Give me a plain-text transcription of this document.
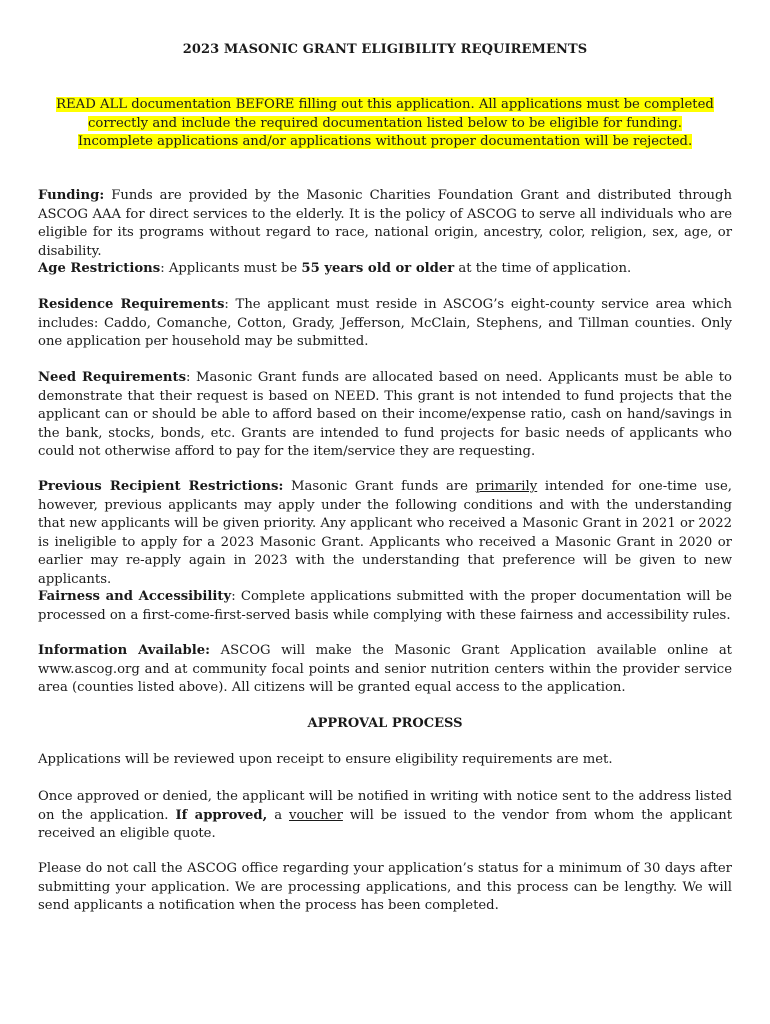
2023 MASONIC GRANT ELIGIBILITY REQUIREMENTS
READ ALL documentation BEFORE filling out this application. All applications must be completed
correctly and include the required documentation listed below to be eligible for funding.
Incomplete applications and/or applications without proper documentation will be rejected.
Funding: Funds are provided by the Masonic Charities Foundation Grant and distributed through ASCOG AAA for direct services to the elderly. It is the policy of ASCOG to serve all individuals who are eligible for its programs without regard to race, national origin, ancestry, color, religion, sex, age, or disability.
Age Restrictions: Applicants must be 55 years old or older at the time of application.
Residence Requirements: The applicant must reside in ASCOG’s eight-county service area which includes: Caddo, Comanche, Cotton, Grady, Jefferson, McClain, Stephens, and Tillman counties. Only one application per household may be submitted.
Need Requirements: Masonic Grant funds are allocated based on need. Applicants must be able to demonstrate that their request is based on NEED. This grant is not intended to fund projects that the applicant can or should be able to afford based on their income/expense ratio, cash on hand/savings in the bank, stocks, bonds, etc. Grants are intended to fund projects for basic needs of applicants who could not otherwise afford to pay for the item/service they are requesting.
Previous Recipient Restrictions: Masonic Grant funds are primarily intended for one-time use, however, previous applicants may apply under the following conditions and with the understanding that new applicants will be given priority. Any applicant who received a Masonic Grant in 2021 or 2022 is ineligible to apply for a 2023 Masonic Grant. Applicants who received a Masonic Grant in 2020 or earlier may re-apply again in 2023 with the understanding that preference will be given to new applicants.
Fairness and Accessibility: Complete applications submitted with the proper documentation will be processed on a first-come-first-served basis while complying with these fairness and accessibility rules.
Information Available: ASCOG will make the Masonic Grant Application available online at www.ascog.org and at community focal points and senior nutrition centers within the provider service area (counties listed above). All citizens will be granted equal access to the application.
APPROVAL PROCESS
Applications will be reviewed upon receipt to ensure eligibility requirements are met.
Once approved or denied, the applicant will be notified in writing with notice sent to the address listed on the application. If approved, a voucher will be issued to the vendor from whom the applicant received an eligible quote.
Please do not call the ASCOG office regarding your application’s status for a minimum of 30 days after submitting your application. We are processing applications, and this process can be lengthy. We will send applicants a notification when the process has been completed.
